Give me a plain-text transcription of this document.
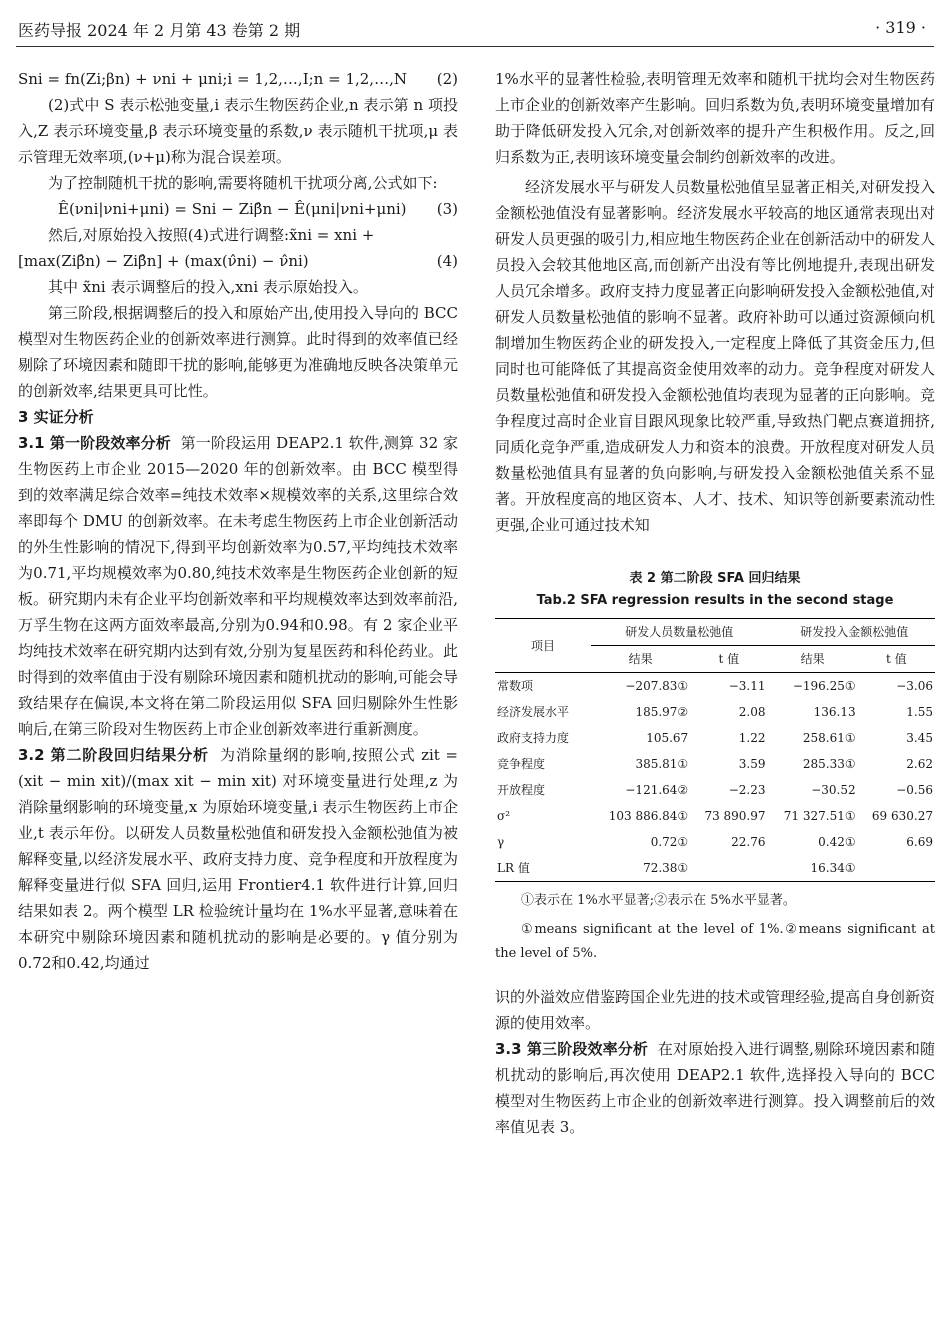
医药导报 2024 年 2 月第 43 卷第 2 期	· 319 ·

Sni = fn(Zi;βn) + νni + μni;i = 1,2,…,I;n = 1,2,…,N (2)

(2)式中 S 表示松弛变量,i 表示生物医药企业,n 表示第 n 项投入,Z 表示环境变量,β 表示环境变量的系数,ν 表示随机干扰项,μ 表示管理无效率项,(ν+μ)称为混合误差项。

为了控制随机干扰的影响,需要将随机干扰项分离,公式如下:

Ê(νni|νni+μni) = Sni − Ziβ̂n − Ê(μni|νni+μni) (3)

然后,对原始投入按照(4)式进行调整:x̃ni = xni +

[max(Ziβ̂n) − Ziβ̂n] + (max(ν̂ni) − ν̂ni)	(4)

其中 x̃ni 表示调整后的投入,xni 表示原始投入。

第三阶段,根据调整后的投入和原始产出,使用投入导向的 BCC 模型对生物医药企业的创新效率进行测算。此时得到的效率值已经剔除了环境因素和随即干扰的影响,能够更为准确地反映各决策单元的创新效率,结果更具可比性。

3 实证分析

3.1 第一阶段效率分析 第一阶段运用 DEAP2.1 软件,测算 32 家生物医药上市企业 2015—2020 年的创新效率。由 BCC 模型得到的效率满足综合效率=纯技术效率×规模效率的关系,这里综合效率即每个 DMU 的创新效率。在未考虑生物医药上市企业创新活动的外生性影响的情况下,得到平均创新效率为0.57,平均纯技术效率为0.71,平均规模效率为0.80,纯技术效率是生物医药企业创新的短板。研究期内未有企业平均创新效率和平均规模效率达到效率前沿,万孚生物在这两方面效率最高,分别为0.94和0.98。有 2 家企业平均纯技术效率在研究期内达到有效,分别为复星医药和科伦药业。此时得到的效率值由于没有剔除环境因素和随机扰动的影响,可能会导致结果存在偏误,本文将在第二阶段运用似 SFA 回归剔除外生性影响后,在第三阶段对生物医药上市企业创新效率进行重新测度。

3.2 第二阶段回归结果分析 为消除量纲的影响,按照公式 zit = (xit − min xit)/(max xit − min xit) 对环境变量进行处理,z 为消除量纲影响的环境变量,x 为原始环境变量,i 表示生物医药上市企业,t 表示年份。以研发人员数量松弛值和研发投入金额松弛值为被解释变量,以经济发展水平、政府支持力度、竞争程度和开放程度为解释变量进行似 SFA 回归,运用 Frontier4.1 软件进行计算,回归结果如表 2。两个模型 LR 检验统计量均在 1%水平显著,意味着在本研究中剔除环境因素和随机扰动的影响是必要的。γ 值分别为0.72和0.42,均通过

1%水平的显著性检验,表明管理无效率和随机干扰均会对生物医药上市企业的创新效率产生影响。回归系数为负,表明环境变量增加有助于降低研发投入冗余,对创新效率的提升产生积极作用。反之,回归系数为正,表明该环境变量会制约创新效率的改进。

经济发展水平与研发人员数量松弛值呈显著正相关,对研发投入金额松弛值没有显著影响。经济发展水平较高的地区通常表现出对研发人员更强的吸引力,相应地生物医药企业在创新活动中的研发人员投入会较其他地区高,而创新产出没有等比例地提升,表现出研发人员冗余增多。政府支持力度显著正向影响研发投入金额松弛值,对研发人员数量松弛值的影响不显著。政府补助可以通过资源倾向机制增加生物医药企业的研发投入,一定程度上降低了其资金压力,但同时也可能降低了其提高资金使用效率的动力。竞争程度对研发人员数量松弛值和研发投入金额松弛值均表现为显著的正向影响。竞争程度过高时企业盲目跟风现象比较严重,导致热门靶点赛道拥挤,同质化竞争严重,造成研发人力和资本的浪费。开放程度对研发人员数量松弛值具有显著的负向影响,与研发投入金额松弛值关系不显著。开放程度高的地区资本、人才、技术、知识等创新要素流动性更强,企业可通过技术知

表 2 第二阶段 SFA 回归结果

Tab.2 SFA regression results in the second stage

项目	研发人员数量松弛值		研发投入金额松弛值	
	结果	t 值	结果	t 值
常数项	−207.83①	−3.11	−196.25①	−3.06
经济发展水平	185.97②	2.08	136.13	1.55
政府支持力度	105.67	1.22	258.61①	3.45
竞争程度	385.81①	3.59	285.33①	2.62
开放程度	−121.64②	−2.23	−30.52	−0.56
σ²	103 886.84①	73 890.97	71 327.51①	69 630.27
γ	0.72①	22.76	0.42①	6.69
LR 值	72.38①		16.34①	

①表示在 1%水平显著;②表示在 5%水平显著。

①means significant at the level of 1%.②means significant at the level of 5%.

识的外溢效应借鉴跨国企业先进的技术或管理经验,提高自身创新资源的使用效率。

3.3 第三阶段效率分析 在对原始投入进行调整,剔除环境因素和随机扰动的影响后,再次使用 DEAP2.1 软件,选择投入导向的 BCC 模型对生物医药上市企业的创新效率进行测算。投入调整前后的效率值见表 3。
